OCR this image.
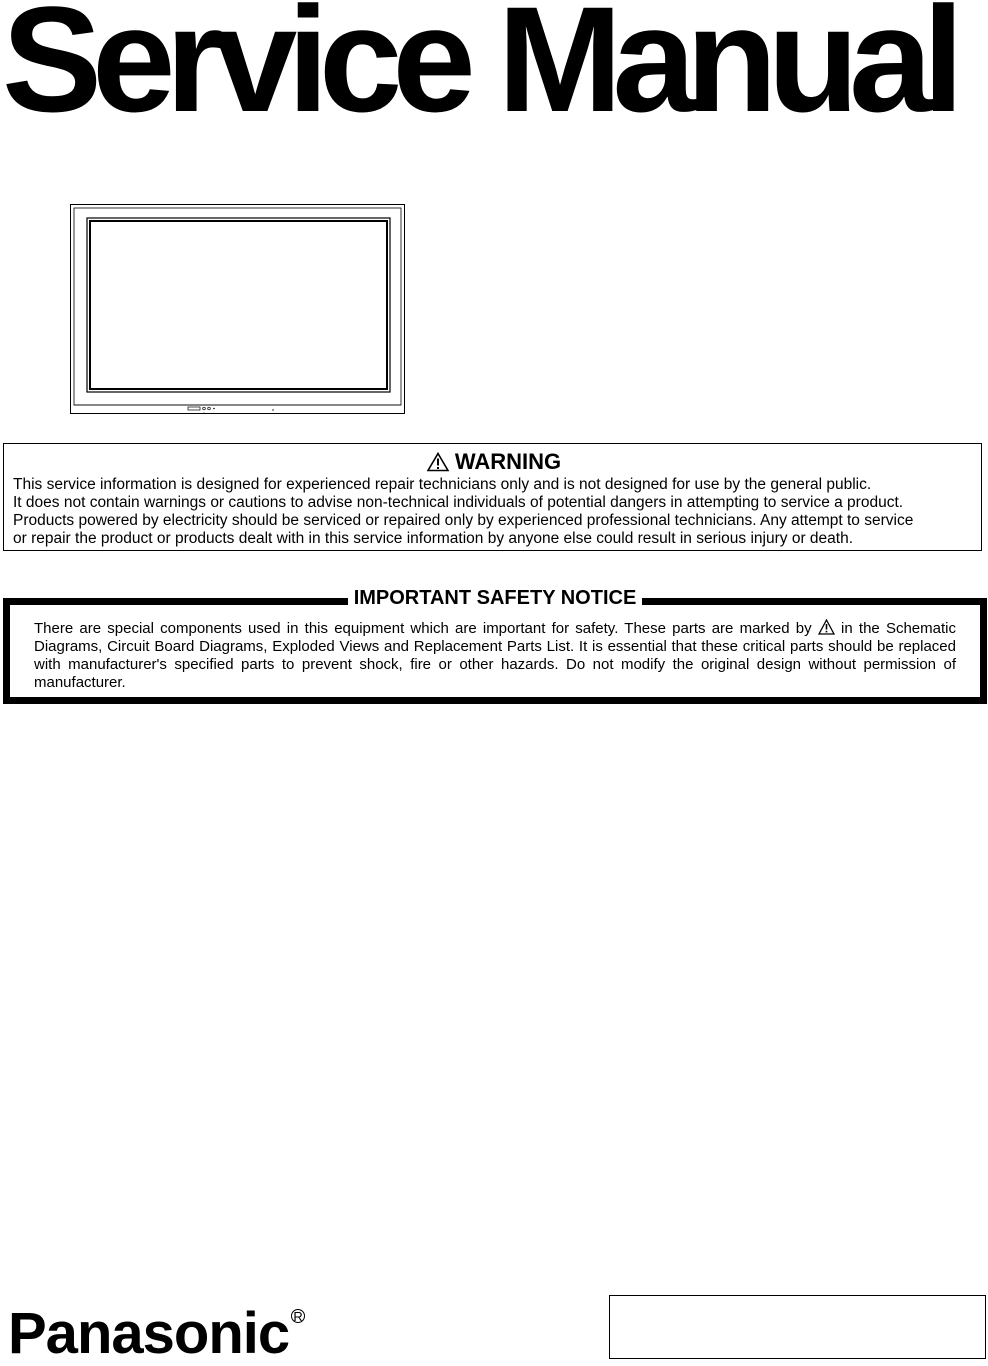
Service Manual
WARNING
This service information is designed for experienced repair technicians only and is not designed for use by the general public.
It does not contain warnings or cautions to advise non-technical individuals of potential dangers in attempting to service a product.
Products powered by electricity should be serviced or repaired only by experienced professional technicians. Any attempt to service
or repair the product or products dealt with in this service information by anyone else could result in serious injury or death.
IMPORTANT SAFETY NOTICE
There are special components used in this equipment which are important for safety. These parts are marked by  in the Schematic Diagrams, Circuit Board Diagrams, Exploded Views and Replacement Parts List. It is essential that these critical parts should be replaced with manufacturer's specified parts to prevent shock, fire or other hazards. Do not modify the original design without permission of manufacturer.
Panasonic R
